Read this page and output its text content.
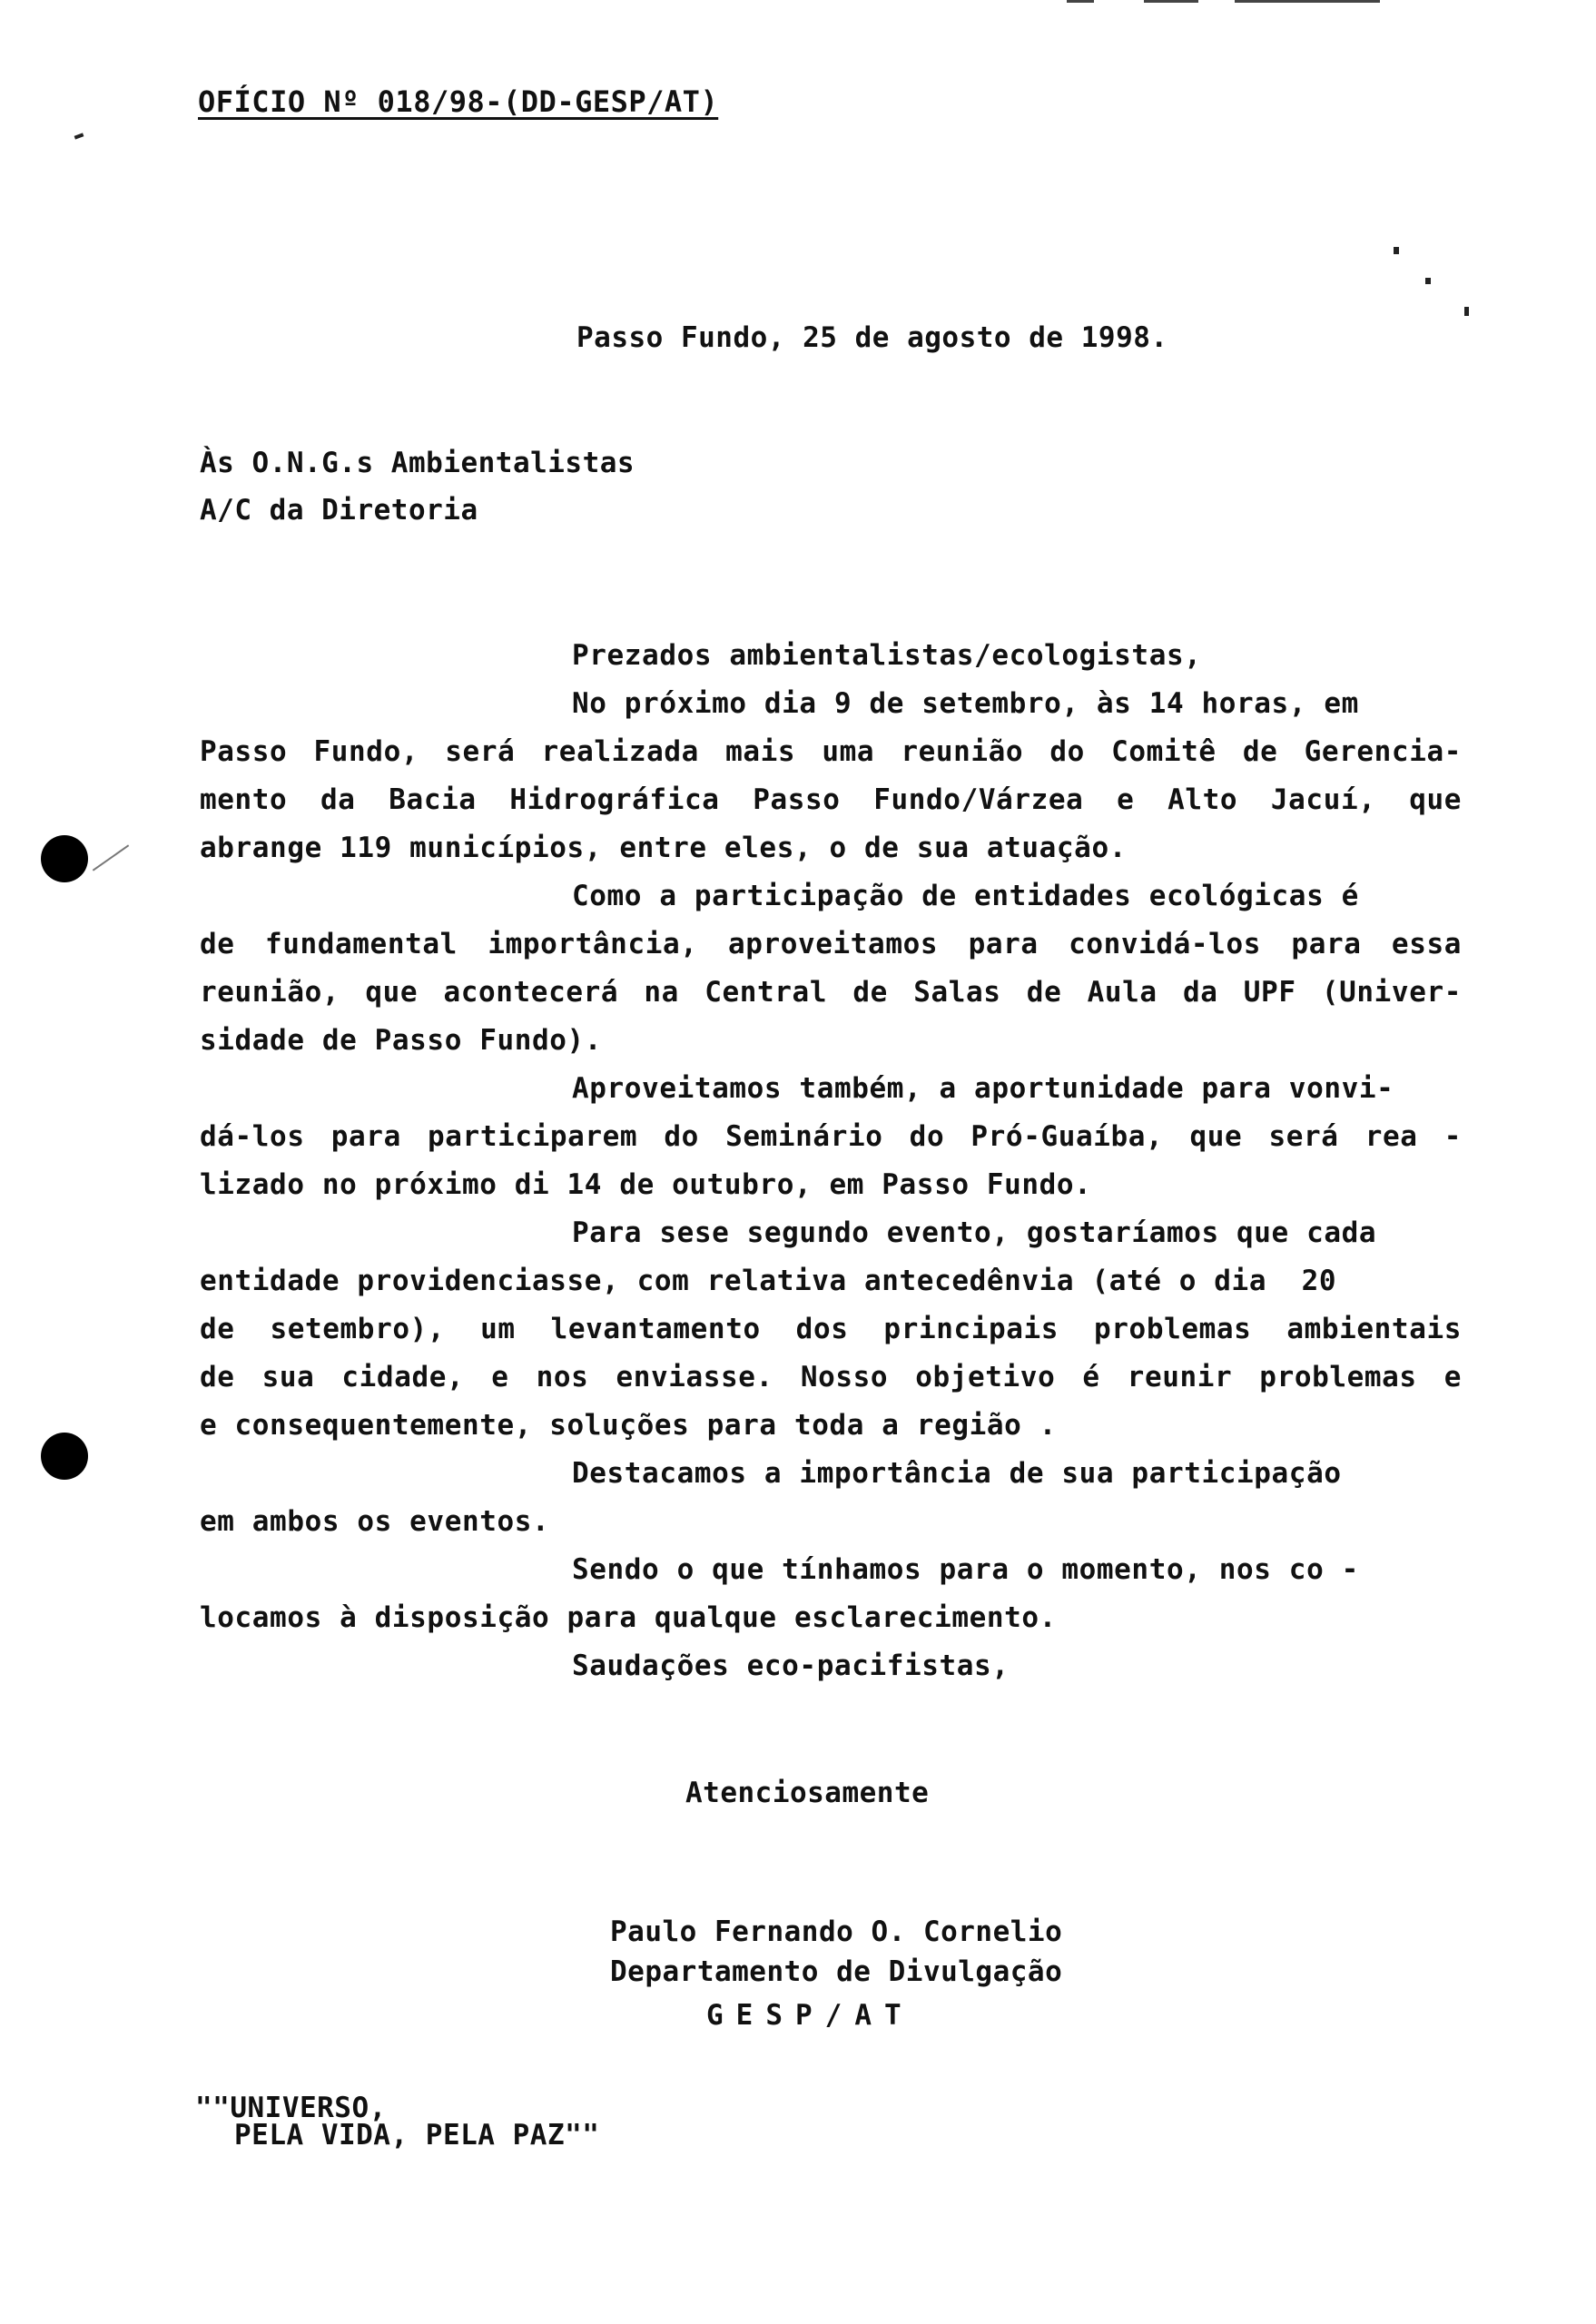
OFÍCIO Nº 018/98-(DD-GESP/AT)
Passo Fundo, 25 de agosto de 1998.
Às O.N.G.s Ambientalistas
A/C da Diretoria
Prezados ambientalistas/ecologistas,
No próximo dia 9 de setembro, às 14 horas, em
Passo Fundo, será realizada mais uma reunião do Comitê de Gerencia-
mento da Bacia Hidrográfica Passo Fundo/Várzea e Alto Jacuí, que
abrange 119 municípios, entre eles, o de sua atuação.
Como a participação de entidades ecológicas é
de fundamental importância, aproveitamos para convidá-los para essa
reunião, que acontecerá na Central de Salas de Aula da UPF (Univer-
sidade de Passo Fundo).
Aproveitamos também, a aportunidade para vonvi-
dá-los para participarem do Seminário do Pró-Guaíba, que será rea -
lizado no próximo di 14 de outubro, em Passo Fundo.
Para sese segundo evento, gostaríamos que cada
entidade providenciasse, com relativa antecedênvia (até o dia  20
de setembro), um levantamento dos principais problemas ambientais
de sua cidade, e nos enviasse. Nosso objetivo é reunir problemas e
e consequentemente, soluções para toda a região .
Destacamos a importância de sua participação
em ambos os eventos.
Sendo o que tínhamos para o momento, nos co -
locamos à disposição para qualque esclarecimento.
Saudações eco-pacifistas,
Atenciosamente
Paulo Fernando O. Cornelio
Departamento de Divulgação
GESP/AT
""UNIVERSO,
PELA VIDA, PELA PAZ""
